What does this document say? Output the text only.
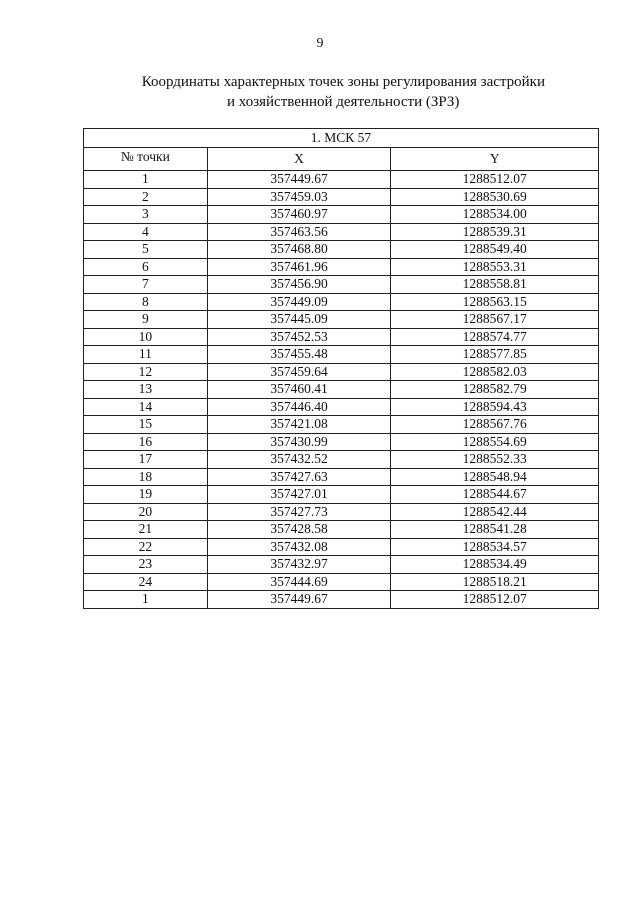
9
Координаты характерных точек зоны регулирования застройки
и хозяйственной деятельности (ЗРЗ)
1. МСК 57		
№ точки	X	Y
1	357449.67	1288512.07
2	357459.03	1288530.69
3	357460.97	1288534.00
4	357463.56	1288539.31
5	357468.80	1288549.40
6	357461.96	1288553.31
7	357456.90	1288558.81
8	357449.09	1288563.15
9	357445.09	1288567.17
10	357452.53	1288574.77
11	357455.48	1288577.85
12	357459.64	1288582.03
13	357460.41	1288582.79
14	357446.40	1288594.43
15	357421.08	1288567.76
16	357430.99	1288554.69
17	357432.52	1288552.33
18	357427.63	1288548.94
19	357427.01	1288544.67
20	357427.73	1288542.44
21	357428.58	1288541.28
22	357432.08	1288534.57
23	357432.97	1288534.49
24	357444.69	1288518.21
1	357449.67	1288512.07
